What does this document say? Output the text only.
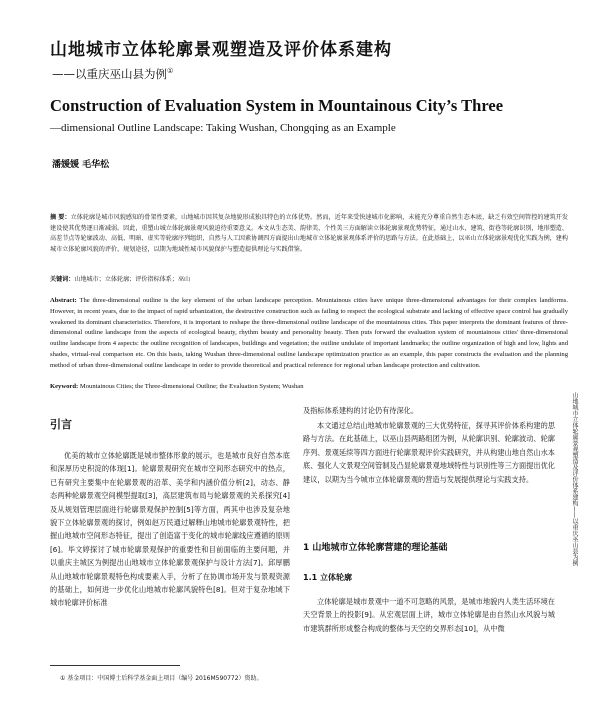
山地城市立体轮廓景观塑造及评价体系建构

——以重庆巫山县为例①

Construction of Evaluation System in Mountainous City’s Three
—dimensional Outline Landscape: Taking Wushan, Chongqing as an Example
潘媛媛 毛华松
摘 要：立体轮廓是城市风貌感知的骨架性要素，山地城市因其复杂地貌形成独具特色的立体优势。然而，近年来受快速城市化影响，未能充分尊重自然生态本底，缺乏有效空间管控的建筑开发建设使其优势逐日渐减弱。因此，重塑山城立体轮廓景观风貌迫待重要意义。本文从生态美、韵律美、个性美三方面解读立体轮廓景观优势特征，通过山水、建筑、街巷等轮廓识别，地形塑造、高差节点等轮廓波动、高低、明暗、虚实等轮廓序列组织，自然与人工因素协调四方面提出山地城市立体轮廓景观体系评价的思路与方法。在此基础上，以巫山立体轮廓景观优化实践为例，建构城市立体轮廓风貌的评价、规划途径，以期为地域性城市风貌保护与塑造提供理论与实践借鉴。
关键词：山地城市；立体轮廓；评价指标体系；巫山
Abstract: The three-dimensional outline is the key element of the urban landscape perception. Mountainous cities have unique three-dimensional advantages for their complex landforms. However, in recent years, due to the impact of rapid urbanization, the destructive construction such as failing to respect the ecological substrate and lacking of effective space control has gradually weakened its dominant characteristics. Therefore, it is important to reshape the three-dimensional outline landscape of the mountainous cities. This paper interprets the dominant features of three-dimensional outline landscape from the aspects of ecological beauty, rhythm beauty and personality beauty. Then puts forward the evaluation system of mountainous cities' three-dimensional outline landscape from 4 aspects: the outline recognition of landscapes, buildings and vegetation; the outline undulate of important landmarks; the outline organization of high and low, lights and shades, virtual-real comparison etc. On this basis, taking Wushan three-dimensional outline landscape optimization practice as an example, this paper constructs the evaluation and the planning method of urban three-dimensional outline landscape in order to provide theoretical and practical reference for regional urban landscape protection and cultivation.
Keyword: Mountainous Cities; the Three-dimensional Outline; the Evaluation System; Wushan
引言

优美的城市立体轮廓既是城市整体形象的展示，也是城市良好自然本底和深厚历史积淀的体现[1]。轮廓景观研究在城市空间形态研究中的热点，已有研究主要集中在轮廓景观的沿革、美学和内涵价值分析[2]，动态、静态两种轮廓景观空间模型提取[3]，高层建筑布局与轮廓景观的关系探究[4]及从规划管理层面进行轮廓景观保护控制[5]等方面，两其中也涉及复杂地貌下立体轮廓景观的探讨，例如赵万民通过解释山地城市轮廓景观特性，把握山地城市空间形态特征，提出了创造富于变化的城市轮廓线应遵循的原则[6]。毕文婷探讨了城市轮廓景观保护的重要性和目前面临的主要问题，并以重庆主城区为例提出山地城市立体轮廓景观保护与设计方法[7]。邱厚鹏从山地城市轮廓景观特色构成要素入手，分析了在协调市场开发与景观资源的基础上，如何进一步优化山地城市轮廓风貌特色[8]。但对于复杂地域下城市轮廓评价标准

及指标体系建构的讨论仍有待深化。

本文通过总结山地城市轮廓景观的三大优势特征，探寻其评价体系构建的思路与方法。在此基础上，以巫山县两路组团为例，从轮廓识别、轮廓波动、轮廓序列、景观延续等四方面进行轮廓景观评价实践研究，并从构建山地自然山水本底、强化人文景观空间管制及凸显轮廓景观地域特性与识别性等三方面提出优化建议，以期为当今城市立体轮廓景观的营造与发展提供理论与实践支持。

1 山地城市立体轮廓营建的理论基础
1.1 立体轮廓

立体轮廓是城市景观中一道不可忽略的风景，是城市地貌内人类生活环境在天空背景上的投影[9]。从宏观层面上讲，城市立体轮廓是由自然山水风貌与城市建筑群所形成整合构成的整体与天空的交界形态[10]，从中微

① 基金项目：中国博士后科学基金面上项目（编号 2016M590772）资助。
山地城市立体轮廓景观塑造及评价体系建构
——以重庆巫山县为例
